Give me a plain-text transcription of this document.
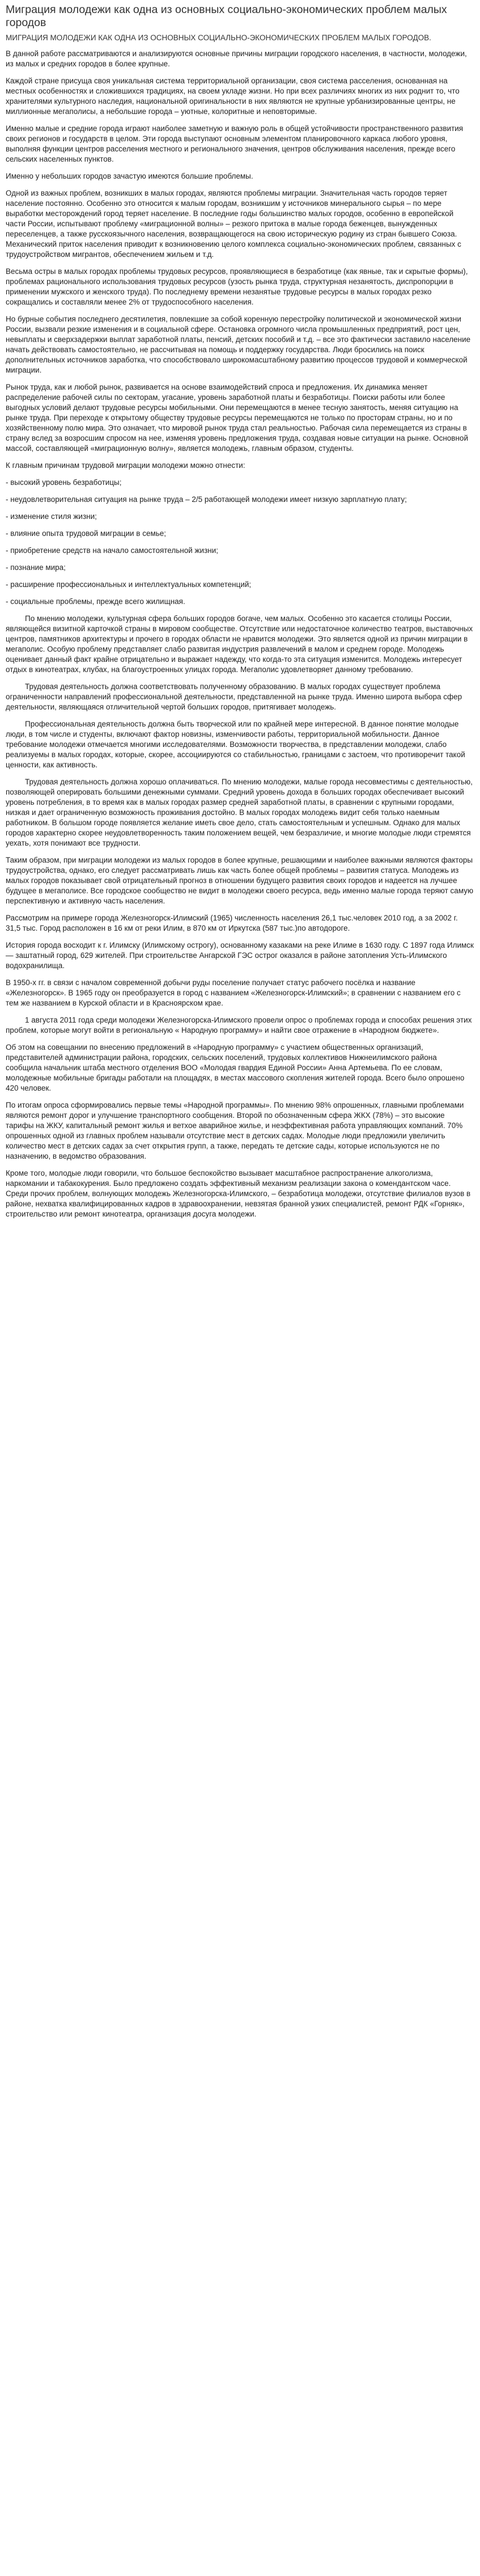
Миграция молодежи как одна из основных социально-экономических проблем малых городов
МИГРАЦИЯ МОЛОДЕЖИ КАК ОДНА ИЗ ОСНОВНЫХ СОЦИАЛЬНО-ЭКОНОМИЧЕСКИХ ПРОБЛЕМ МАЛЫХ ГОРОДОВ.

В данной работе рассматриваются и анализируются основные причины миграции городского населения, в частности, молодежи, из малых и средних городов в более крупные.

Каждой стране присуща своя уникальная система территориальной организации, своя система расселения, основанная на местных особенностях и сложившихся традициях, на своем укладе жизни. Но при всех различиях многих из них роднит то, что хранителями культурного наследия, национальной оригинальности в них являются не крупные урбанизированные центры, не миллионные мегаполисы, а небольшие города – уютные, колоритные и неповторимые.

Именно малые и средние города играют наиболее заметную и важную роль в общей устойчивости пространственного развития своих регионов и государств в целом. Эти города выступают основным элементом планировочного каркаса любого уровня, выполняя функции центров расселения местного и регионального значения, центров обслуживания населения, прежде всего сельских населенных пунктов.

Именно у небольших городов зачастую имеются большие проблемы.

Одной из важных проблем, возникших в малых городах, являются проблемы миграции. Значительная часть городов теряет население постоянно. Особенно это относится к малым городам, возникшим у источников минерального сырья – по мере выработки месторождений город теряет население. В последние годы большинство малых городов, особенно в европейской части России, испытывают проблему «миграционной волны» – резкого притока в малые города беженцев, вынужденных переселенцев, а также русскоязычного населения, возвращающегося на свою историческую родину из стран бывшего Союза. Механический приток населения приводит к возникновению целого комплекса социально-экономических проблем, связанных с трудоустройством мигрантов, обеспечением жильем и т.д.

Весьма остры в малых городах проблемы трудовых ресурсов, проявляющиеся в безработице (как явные, так и скрытые формы), проблемах рационального использования трудовых ресурсов (узость рынка труда, структурная незанятость, диспропорции в применении мужского и женского труда). По последнему времени незанятые трудовые ресурсы в малых городах резко сокращались и составляли менее 2% от трудоспособного населения.

Но бурные события последнего десятилетия, повлекшие за собой коренную перестройку политической и экономической жизни России, вызвали резкие изменения и в социальной сфере. Остановка огромного числа промышленных предприятий, рост цен, невыплаты и сверхзадержки выплат заработной платы, пенсий, детских пособий и т.д. – все это фактически заставило население начать действовать самостоятельно, не рассчитывая на помощь и поддержку государства. Люди бросились на поиск дополнительных источников заработка, что способствовало широкомасштабному развитию процессов трудовой и коммерческой миграции.

Рынок труда, как и любой рынок, развивается на основе взаимодействий спроса и предложения. Их динамика меняет распределение рабочей силы по секторам, угасание, уровень заработной платы и безработицы. Поиски работы или более выгодных условий делают трудовые ресурсы мобильными. Они перемещаются в менее тесную занятость, меняя ситуацию на рынке труда. При переходе к открытому обществу трудовые ресурсы перемещаются не только по просторам страны, но и по хозяйственному полю мира. Это означает, что мировой рынок труда стал реальностью. Рабочая сила перемещается из страны в страну вслед за возросшим спросом на нее, изменяя уровень предложения труда, создавая новые ситуации на рынке. Основной массой, составляющей «миграционную волну», является молодежь, главным образом, студенты.

К главным причинам трудовой миграции молодежи можно отнести:

- высокий уровень безработицы;

- неудовлетворительная ситуация на рынке труда – 2/5 работающей молодежи имеет низкую зарплатную плату;

- изменение стиля жизни;

- влияние опыта трудовой миграции в семье;

- приобретение средств на начало самостоятельной жизни;

- познание мира;

- расширение профессиональных и интеллектуальных компетенций;

- социальные проблемы, прежде всего жилищная.

По мнению молодежи, культурная сфера больших городов богаче, чем малых. Особенно это касается столицы России, являющейся визитной карточкой страны в мировом сообществе. Отсутствие или недостаточное количество театров, выставочных центров, памятников архитектуры и прочего в городах области не нравится молодежи. Это является одной из причин миграции в мегаполис. Особую проблему представляет слабо развитая индустрия развлечений в малом и среднем городе. Молодежь оценивает данный факт крайне отрицательно и выражает надежду, что когда-то эта ситуация изменится. Молодежь интересует отдых в кинотеатрах, клубах, на благоустроенных улицах города. Мегаполис удовлетворяет данному требованию.

Трудовая деятельность должна соответствовать полученному образованию. В малых городах существует проблема ограниченности направлений профессиональной деятельности, представленной на рынке труда. Именно широта выбора сфер деятельности, являющаяся отличительной чертой больших городов, притягивает молодежь.

Профессиональная деятельность должна быть творческой или по крайней мере интересной. В данное понятие молодые люди, в том числе и студенты, включают фактор новизны, изменчивости работы, территориальной мобильности. Данное требование молодежи отмечается многими исследователями. Возможности творчества, в представлении молодежи, слабо реализуемы в малых городах, которые, скорее, ассоциируются со стабильностью, границами с застоем, что противоречит такой ценности, как активность.

Трудовая деятельность должна хорошо оплачиваться. По мнению молодежи, малые города несовместимы с деятельностью, позволяющей оперировать большими денежными суммами. Средний уровень дохода в больших городах обеспечивает высокий уровень потребления, в то время как в малых городах размер средней заработной платы, в сравнении с крупными городами, низкая и дает ограниченную возможность проживания достойно. В малых городах молодежь видит себя только наемным работником. В большом городе появляется желание иметь свое дело, стать самостоятельным и успешным. Однако для малых городов характерно скорее неудовлетворенность таким положением вещей, чем безразличие, и многие молодые люди стремятся уехать, хотя понимают все трудности.

Таким образом, при миграции молодежи из малых городов в более крупные, решающими и наиболее важными являются факторы трудоустройства, однако, его следует рассматривать лишь как часть более общей проблемы – развития статуса. Молодежь из малых городов показывает свой отрицательный прогноз в отношении будущего развития своих городов и надеется на лучшее будущее в мегаполисе. Все городское сообщество не видит в молодежи своего ресурса, ведь именно малые города теряют самую перспективную и активную часть населения.

Рассмотрим на примере города Железногорск-Илимский (1965) численность населения 26,1 тыс.человек 2010 год, а за 2002 г. 31,5 тыс. Город расположен в 16 км от реки Илим, в 870 км от Иркутска (587 тыс.)по автодороге.

История города восходит к г. Илимску (Илимскому острогу), основанному казаками на реке Илиме в 1630 году. С 1897 года Илимск — заштатный город, 629 жителей. При строительстве Ангарской ГЭС острог оказался в районе затопления Усть-Илимского водохранилища.

В 1950-х гг. в связи с началом современной добычи руды поселение получает статус рабочего посёлка и название «Железногорск». В 1965 году он преобразуется в город с названием «Железногорск-Илимский»; в сравнении с названием его с тем же названием в Курской области и в Красноярском крае.

1 августа 2011 года среди молодежи Железногорска-Илимского провели опрос о проблемах города и способах решения этих проблем, которые могут войти в региональную « Народную программу» и найти свое отражение в «Народном бюджете».

Об этом на совещании по внесению предложений в «Народную программу» с участием общественных организаций, представителей администрации района, городских, сельских поселений, трудовых коллективов Нижнеилимского района сообщила начальник штаба местного отделения ВОО «Молодая гвардия Единой России» Анна Артемьева. По ее словам, молодежные мобильные бригады работали на площадях, в местах массового скопления жителей города. Всего было опрошено 420 человек.

По итогам опроса сформировались первые темы «Народной программы». По мнению 98% опрошенных, главными проблемами являются ремонт дорог и улучшение транспортного сообщения. Второй по обозначенным сфера ЖКХ (78%) – это высокие тарифы на ЖКУ, капитальный ремонт жилья и ветхое аварийное жилье, и неэффективная работа управляющих компаний. 70% опрошенных одной из главных проблем называли отсутствие мест в детских садах. Молодые люди предложили увеличить количество мест в детских садах за счет открытия групп, а также, передать те детские сады, которые используются не по назначению, в ведомство образования.

Кроме того, молодые люди говорили, что большое беспокойство вызывает масштабное распространение алкоголизма, наркомании и табакокурения. Было предложено создать эффективный механизм реализации закона о комендантском часе. Среди прочих проблем, волнующих молодежь Железногорска-Илимского, – безработица молодежи, отсутствие филиалов вузов в районе, нехватка квалифицированных кадров в здравоохранении, невзятая бранной узких специалистей, ремонт РДК «Горняк», строительство или ремонт кинотеатра, организация досуга молодежи.
